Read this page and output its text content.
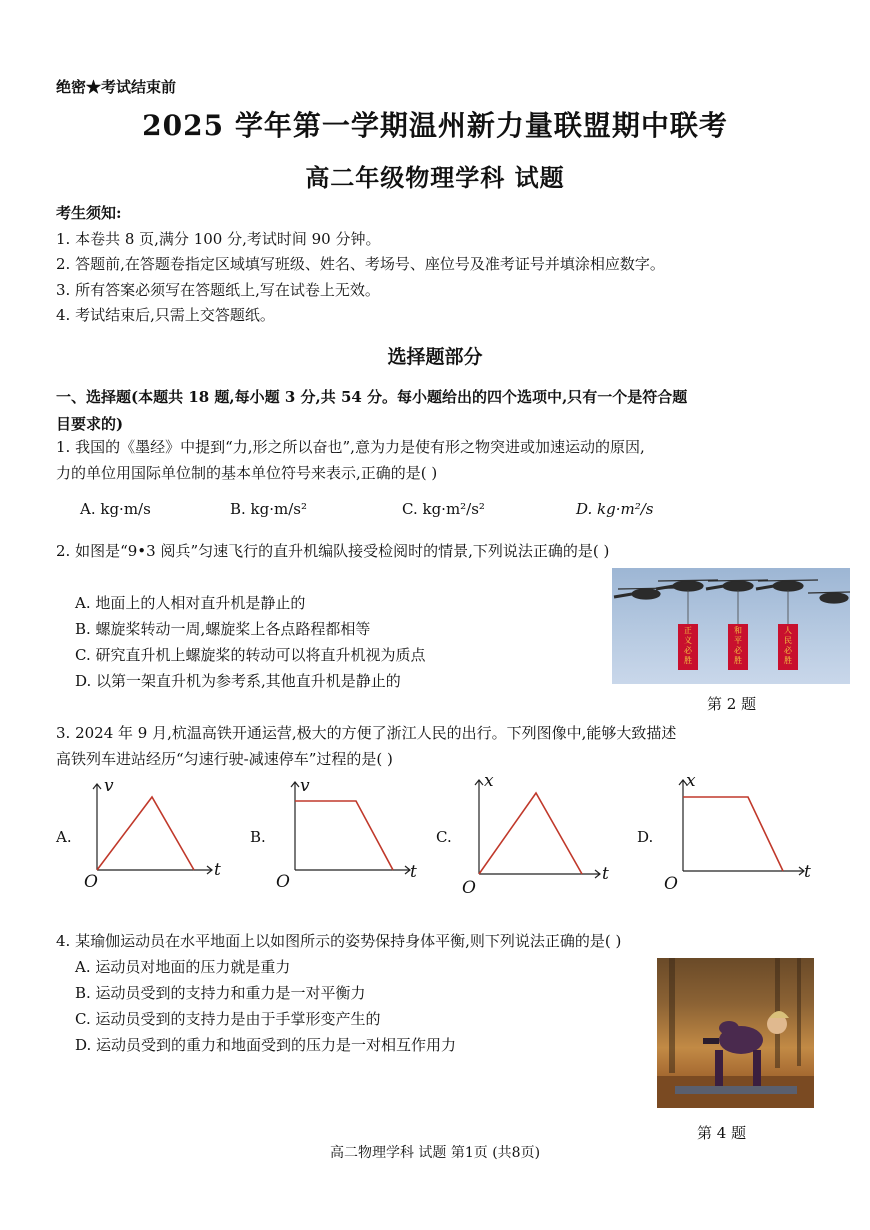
绝密★考试结束前
2025 学年第一学期温州新力量联盟期中联考
高二年级物理学科 试题
考生须知:
1. 本卷共 8 页,满分 100 分,考试时间 90 分钟。
2. 答题前,在答题卷指定区域填写班级、姓名、考场号、座位号及准考证号并填涂相应数字。
3. 所有答案必须写在答题纸上,写在试卷上无效。
4. 考试结束后,只需上交答题纸。
选择题部分
一、选择题(本题共 18 题,每小题 3 分,共 54 分。每小题给出的四个选项中,只有一个是符合题
目要求的)
1. 我国的《墨经》中提到“力,形之所以奋也”,意为力是使有形之物突进或加速运动的原因,
力的单位用国际单位制的基本单位符号来表示,正确的是( )
A. kg·m/s	B. kg·m/s²	C. kg·m²/s²	D. kg·m²/s
2. 如图是“9•3 阅兵”匀速飞行的直升机编队接受检阅时的情景,下列说法正确的是( )
A. 地面上的人相对直升机是静止的
B. 螺旋桨转动一周,螺旋桨上各点路程都相等
C. 研究直升机上螺旋桨的转动可以将直升机视为质点
D. 以第一架直升机为参考系,其他直升机是静止的
正
义
必
胜
和
平
必
胜
人
民
必
胜
第 2 题
3. 2024 年 9 月,杭温高铁开通运营,极大的方便了浙江人民的出行。下列图像中,能够大致描述
高铁列车进站经历“匀速行驶-减速停车”过程的是( )
A.
v
t
O
B.
v
t
O
C.
x
t
O
D.
x
t
O
4. 某瑜伽运动员在水平地面上以如图所示的姿势保持身体平衡,则下列说法正确的是( )
A. 运动员对地面的压力就是重力
B. 运动员受到的支持力和重力是一对平衡力
C. 运动员受到的支持力是由于手掌形变产生的
D. 运动员受到的重力和地面受到的压力是一对相互作用力
第 4 题
高二物理学科 试题 第1页 (共8页)
